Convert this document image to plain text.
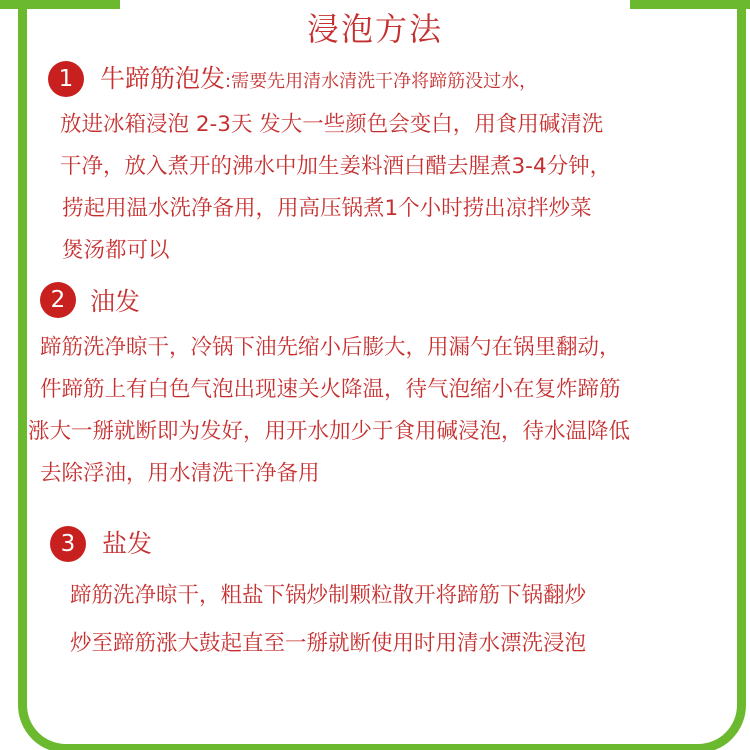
浸泡方法
1	牛蹄筋泡发:需要先用清水清洗干净将蹄筋没过水，
放进冰箱浸泡 2-3天 发大一些颜色会变白，用食用碱清洗
干净，放入煮开的沸水中加生姜料酒白醋去腥煮3-4分钟，
捞起用温水洗净备用，用高压锅煮1个小时捞出凉拌炒菜
煲汤都可以
2 油发
蹄筋洗净晾干，冷锅下油先缩小后膨大，用漏勺在锅里翻动，
件蹄筋上有白色气泡出现速关火降温，待气泡缩小在复炸蹄筋
涨大一掰就断即为发好，用开水加少于食用碱浸泡，待水温降低
去除浮油，用水清洗干净备用
3	盐发
蹄筋洗净晾干，粗盐下锅炒制颗粒散开将蹄筋下锅翻炒
炒至蹄筋涨大鼓起直至一掰就断使用时用清水漂洗浸泡
